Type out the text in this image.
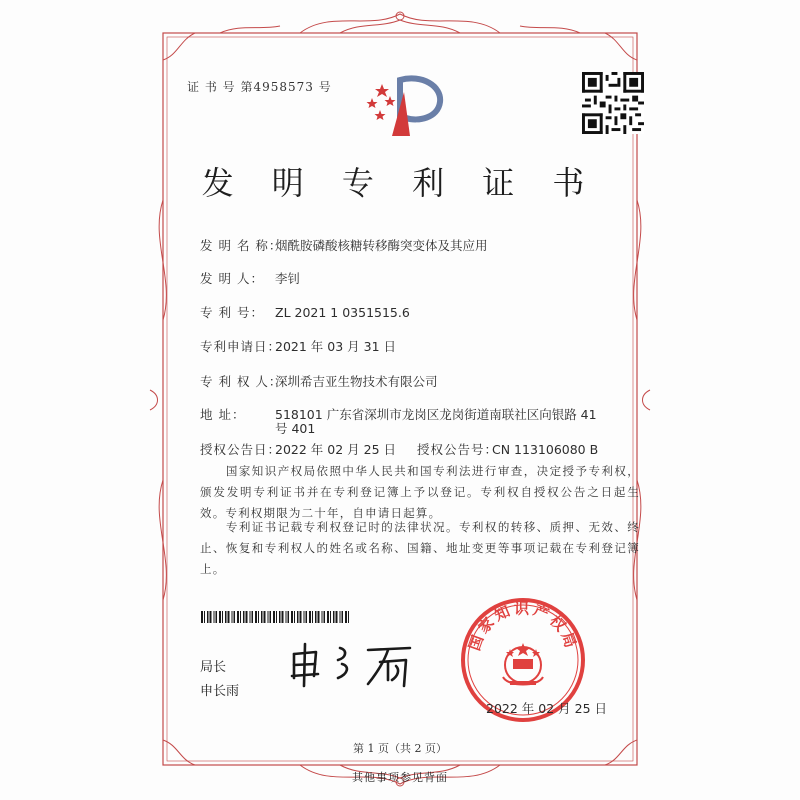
证 书 号 第4958573 号
发 明 专 利 证 书
发 明 名 称：烟酰胺磷酸核糖转移酶突变体及其应用
发 明 人： 李钊
专 利 号： ZL 2021 1 0351515.6
专利申请日：2021 年 03 月 31 日
专 利 权 人：深圳希吉亚生物技术有限公司
地 址： 518101 广东省深圳市龙岗区龙岗街道南联社区向银路 41
号 401
授权公告日：2022 年 02 月 25 日 授权公告号：CN 113106080 B
　　国家知识产权局依照中华人民共和国专利法进行审查，决定授予专利权，颁发发明专利证书并在专利登记簿上予以登记。专利权自授权公告之日起生效。专利权期限为二十年，自申请日起算。
　　专利证书记载专利权登记时的法律状况。专利权的转移、质押、无效、终止、恢复和专利权人的姓名或名称、国籍、地址变更等事项记载在专利登记簿上。
局长
申长雨
国家知识产权局
2022 年 02 月 25 日
第 1 页（共 2 页）
其他事项参见背面
